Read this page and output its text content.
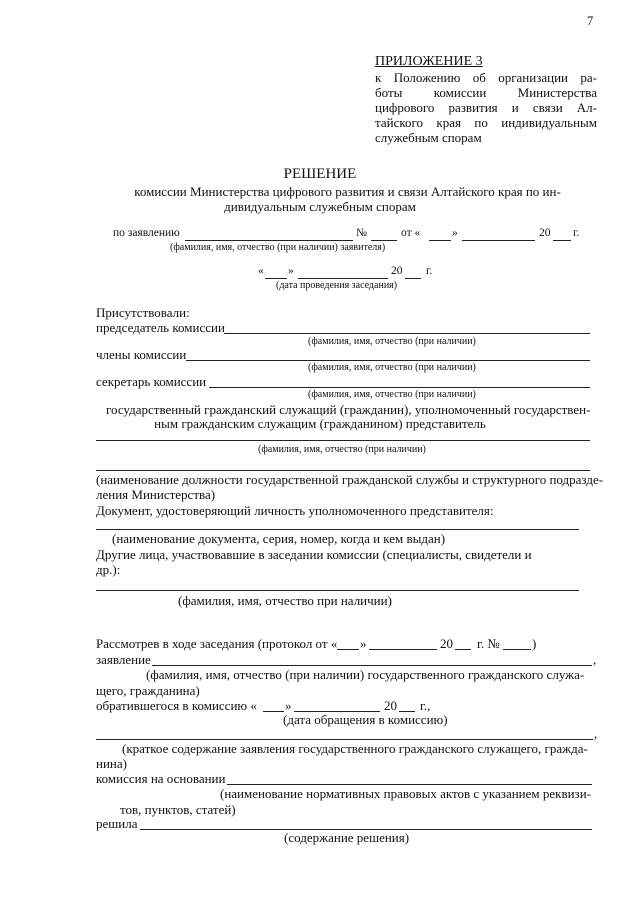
7
ПРИЛОЖЕНИЕ 3
к Положению об организации ра-
боты комиссии Министерства
цифрового развития и связи Ал-
тайского края по индивидуальным
служебным спорам
РЕШЕНИЕ
комиссии Министерства цифрового развития и связи Алтайского края по ин-
дивидуальным служебным спорам
по заявлению	№	от «	»	20 г.
(фамилия, имя, отчество (при наличии) заявителя)
« »	20 г.
(дата проведения заседания)
Присутствовали:
председатель комиссии
(фамилия, имя, отчество (при наличии)
члены комиссии
(фамилия, имя, отчество (при наличии)
секретарь комиссии
(фамилия, имя, отчество (при наличии)
государственный гражданский служащий (гражданин), уполномоченный государствен-
ным гражданским служащим (гражданином) представитель
(фамилия, имя, отчество (при наличии)
(наименование должности государственной гражданской службы и структурного подразде-
ления Министерства)
Документ, удостоверяющий личность уполномоченного представителя:
(наименование документа, серия, номер, когда и кем выдан)
Другие лица, участвовавшие в заседании комиссии (специалисты, свидетели и
др.):
(фамилия, имя, отчество при наличии)
Рассмотрев в ходе заседания (протокол от « »	20 г. № )
заявление	,
(фамилия, имя, отчество (при наличии) государственного гражданского служа-
щего, гражданина)
обратившегося в комиссию « »	20 г.,
(дата обращения в комиссию)
,
(краткое содержание заявления государственного гражданского служащего, гражда-
нина)
комиссия на основании
(наименование нормативных правовых актов с указанием реквизи-
тов, пунктов, статей)
решила
(содержание решения)
